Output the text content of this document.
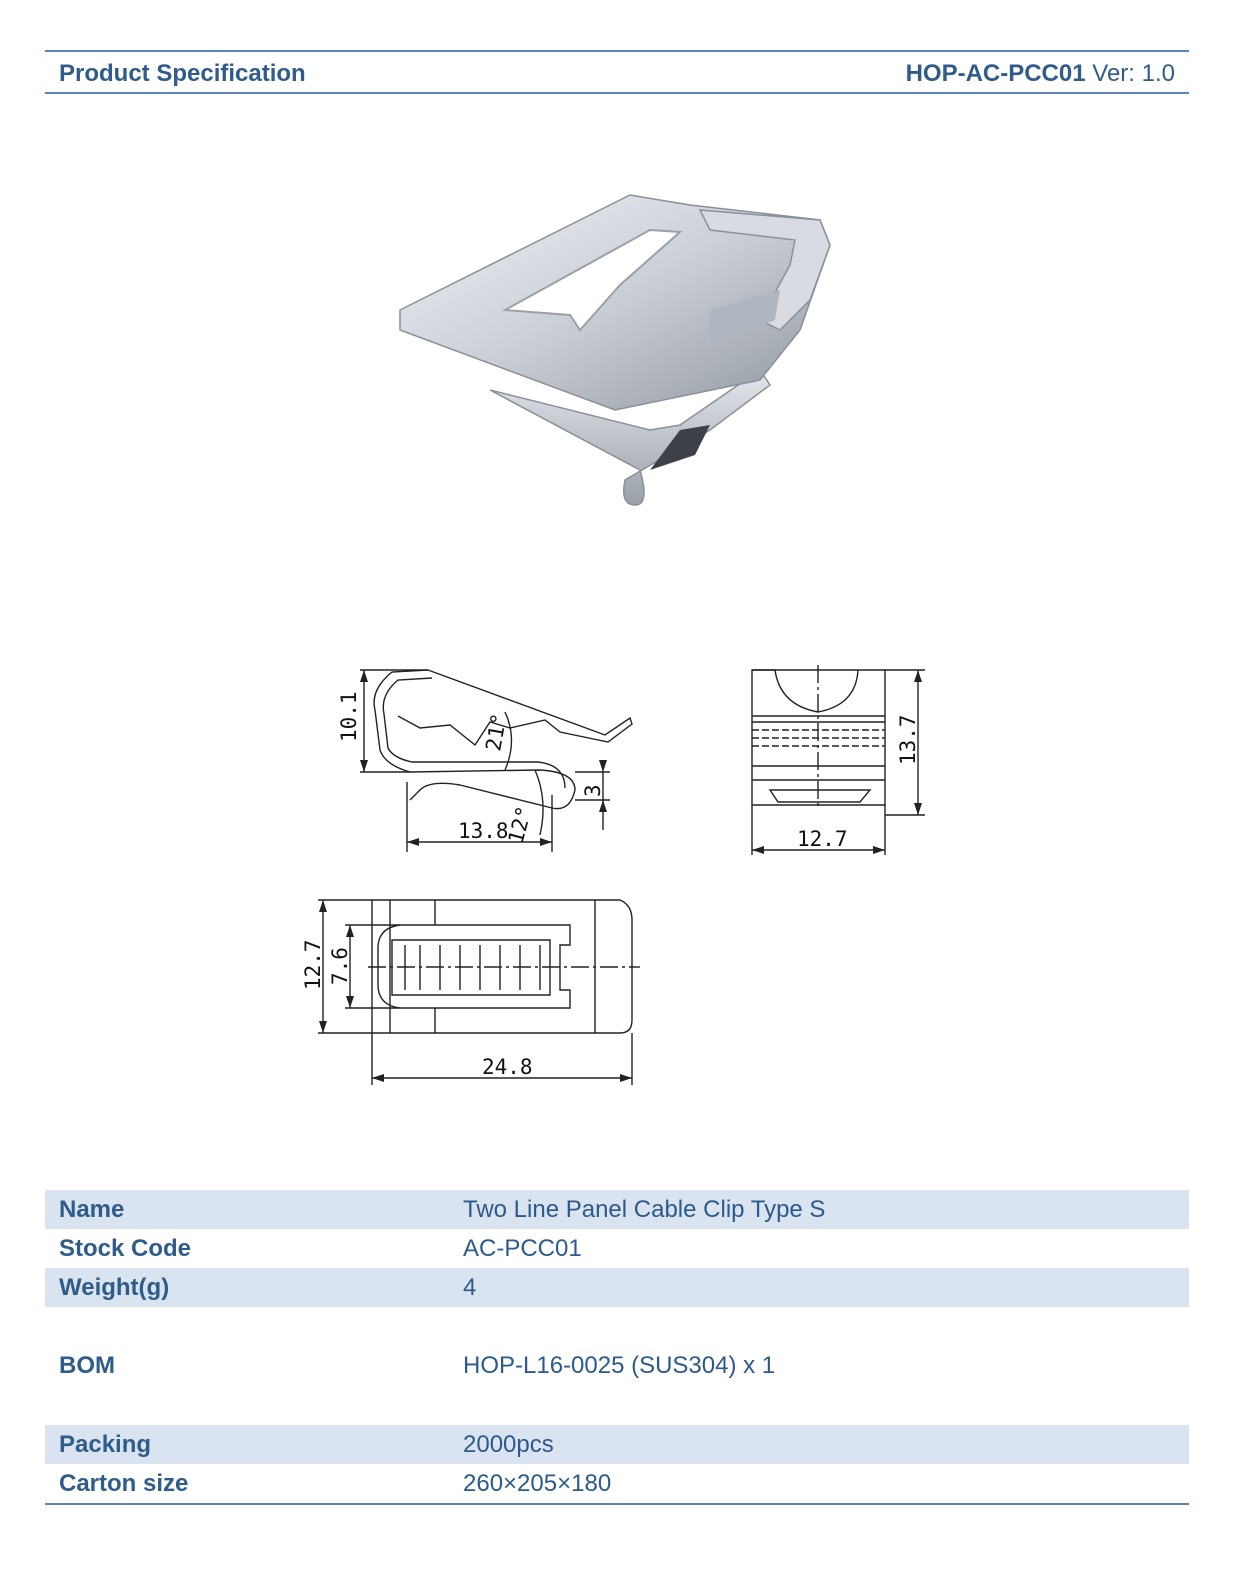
Product Specification	HOP-AC-PCC01 Ver: 1.0
10.1	21°
3
13.8
12°
13.7
12.7
12.7 7.6
24.8
Name	Two Line Panel Cable Clip Type S
Stock Code	AC-PCC01
Weight(g)	4
BOM	HOP-L16-0025 (SUS304) x 1
Packing	2000pcs
Carton size	260×205×180
